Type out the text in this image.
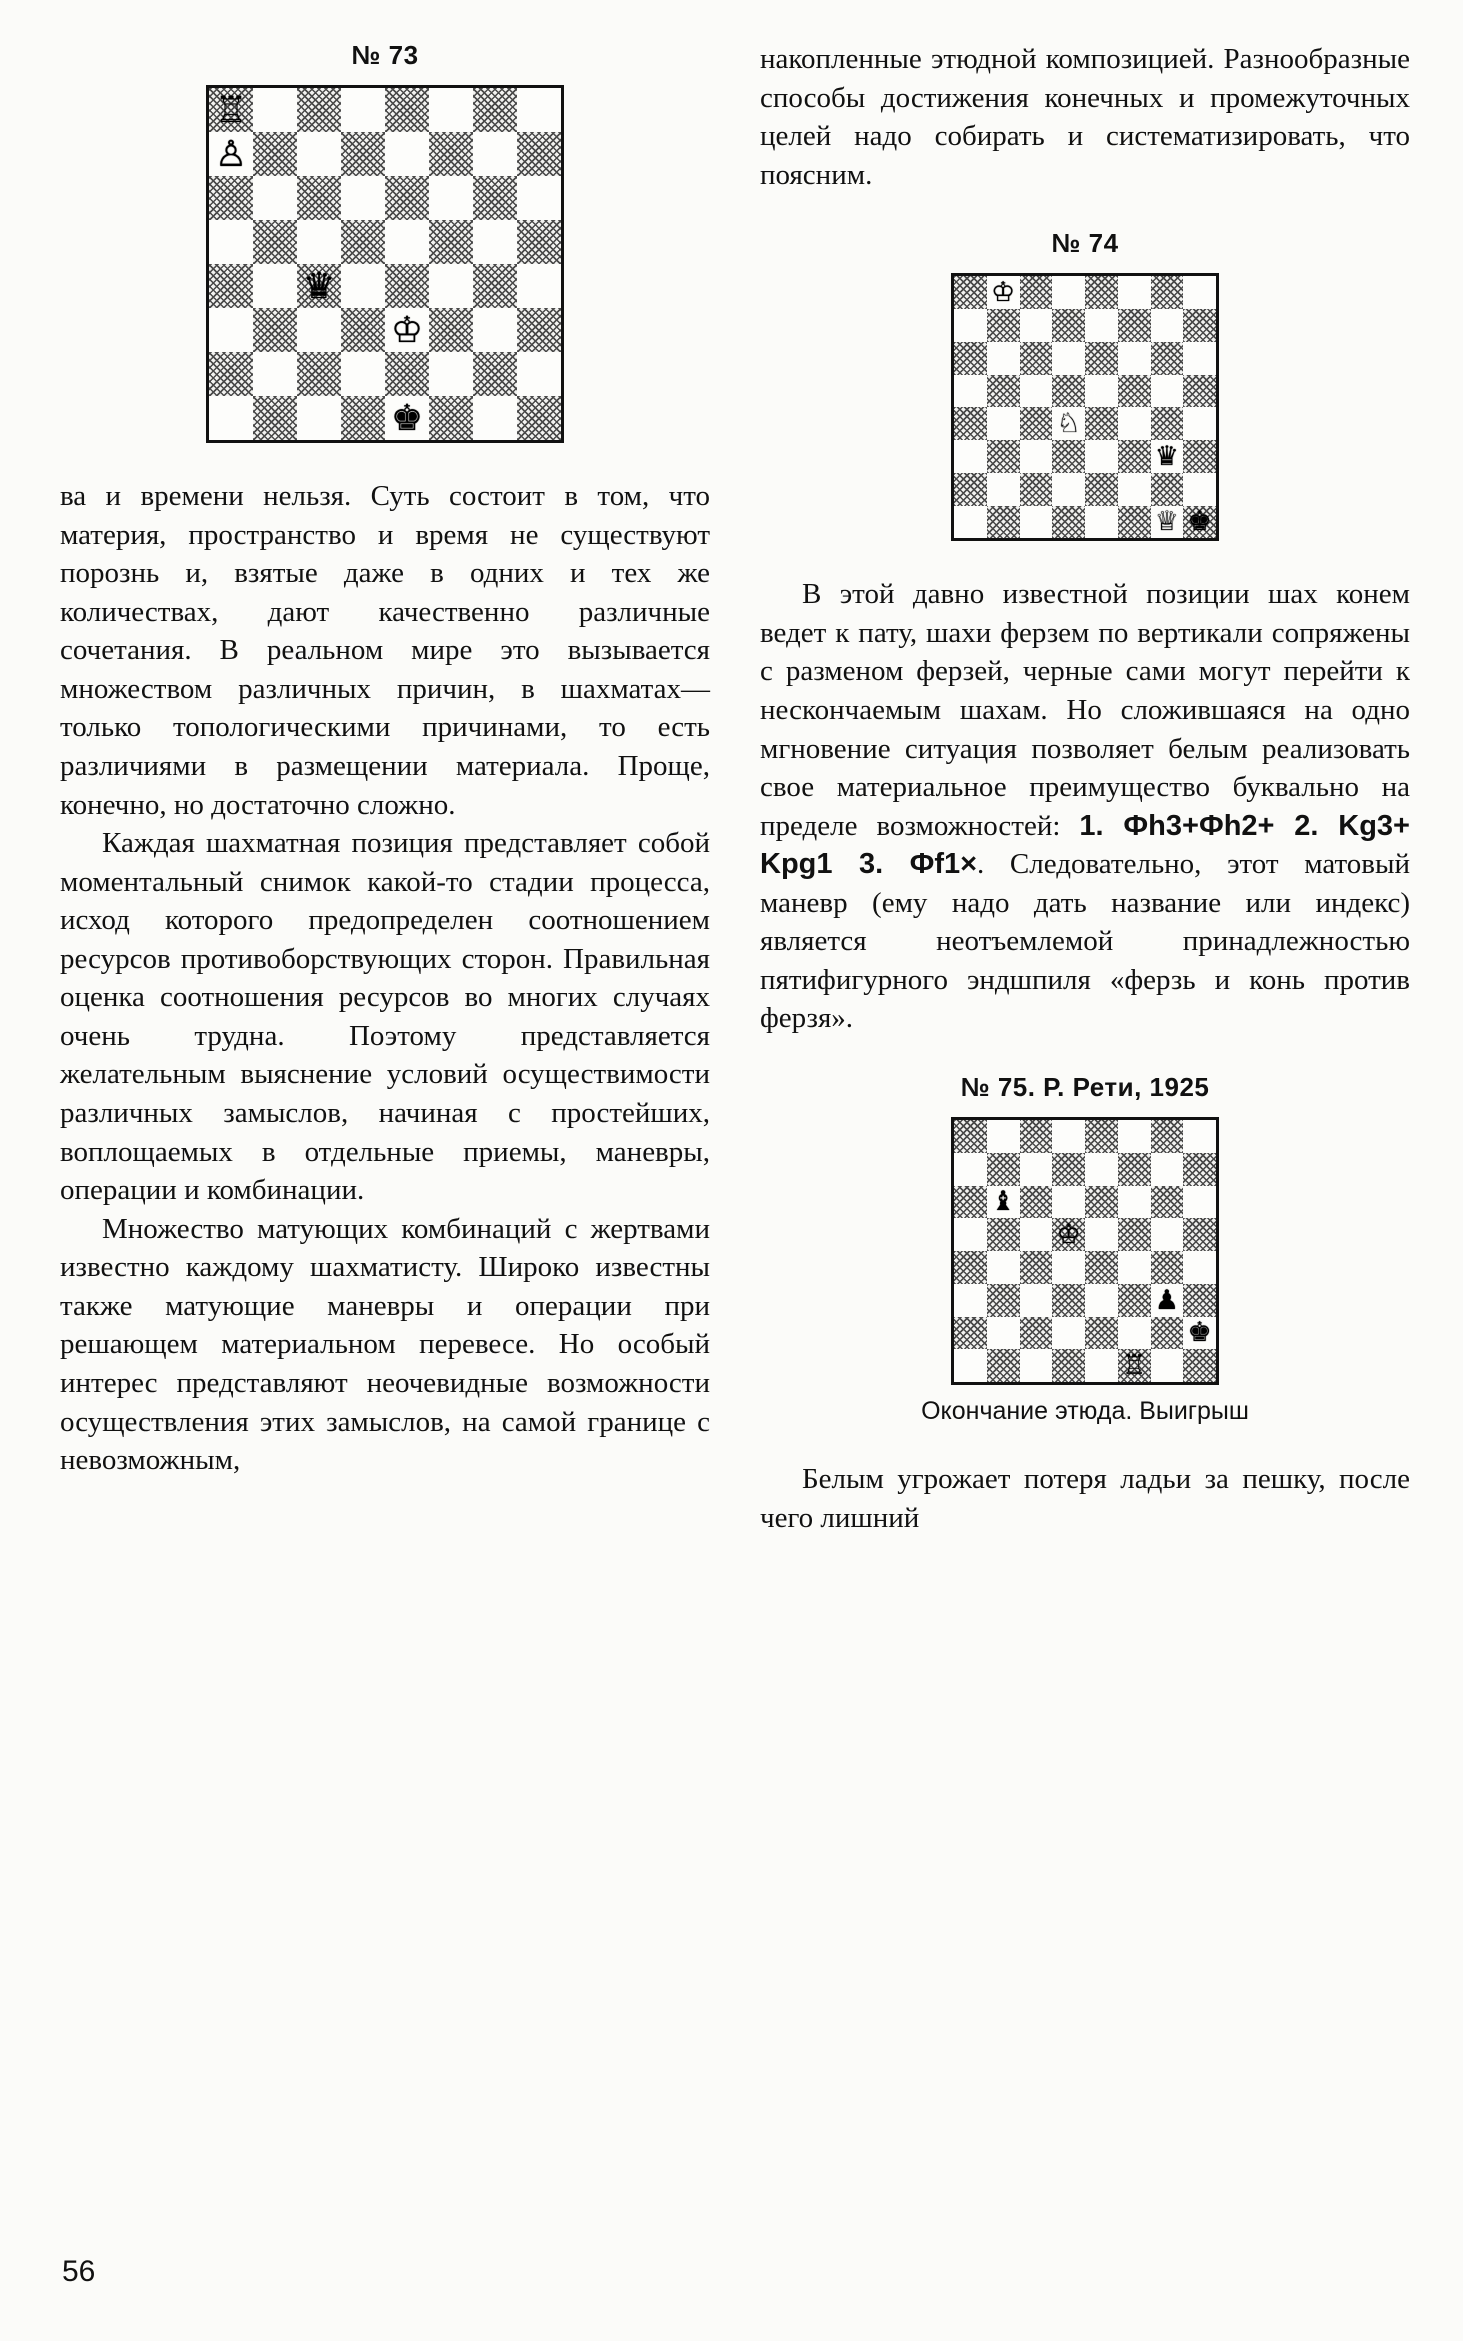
№ 73
♖
♙
♛
♔
♚

ва и времени нельзя. Суть состоит в том, что материя, пространство и время не существуют порознь и, взятые даже в одних и тех же количествах, дают качественно различные сочетания. В реальном мире это вызывается множеством различных причин, в шахматах— только топологическими причинами, то есть различиями в размещении материала. Проще, конечно, но достаточно сложно.

Каждая шахматная позиция представляет собой моментальный снимок какой-то стадии процесса, исход которого предопределен соотношением ресурсов противоборствующих сторон. Правильная оценка соотношения ресурсов во многих случаях очень трудна. Поэтому представляется желательным выяснение условий осуществимости различных замыслов, начиная с простейших, воплощаемых в отдельные приемы, маневры, операции и комбинации.

Множество матующих комбинаций с жертвами известно каждому шахматисту. Широко известны также матующие маневры и операции при решающем материальном перевесе. Но особый интерес представляют неочевидные возможности осуществления этих замыслов, на самой границе с невозможным,

накопленные этюдной композицией. Разнообразные способы достижения конечных и промежуточных целей надо собирать и систематизировать, что поясним.

№ 74
♔
♘
♛
♕ ♚

В этой давно известной позиции шах конем ведет к пату, шахи ферзем по вертикали сопряжены с разменом ферзей, черные сами могут перейти к нескончаемым шахам. Но сложившаяся на одно мгновение ситуация позволяет белым реализовать свое материальное преимущество буквально на пределе возможностей: 1. Фh3+Фh2+ 2. Kg3+ Kpg1 3. Фf1×. Следовательно, этот матовый маневр (ему надо дать название или индекс) является неотъемлемой принадлежностью пятифигурного эндшпиля «ферзь и конь против ферзя».

№ 75. Р. Рети, 1925
♝
♔
♟
♚
♖
Окончание этюда. Выигрыш

Белым угрожает потеря ладьи за пешку, после чего лишний

56
